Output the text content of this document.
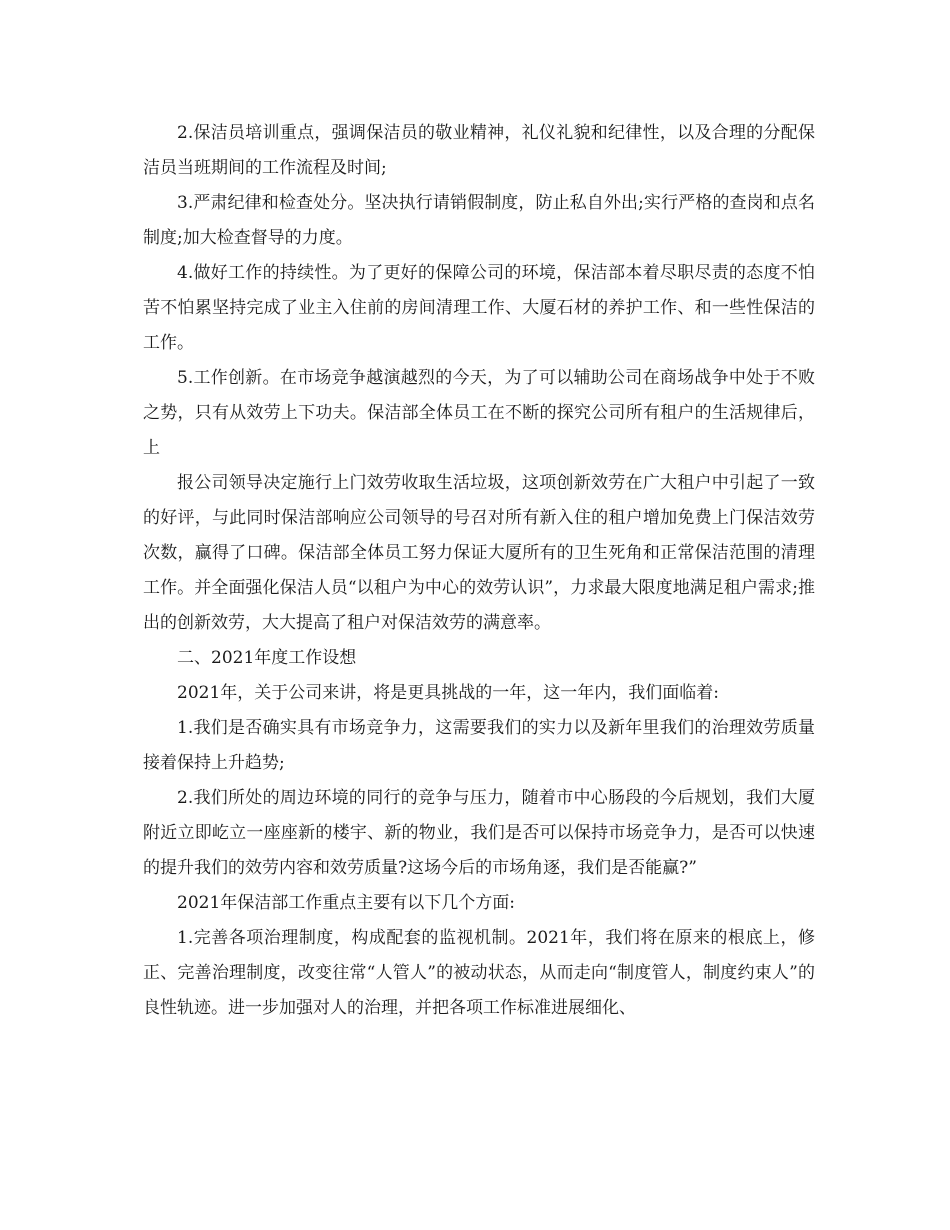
2.保洁员培训重点，强调保洁员的敬业精神，礼仪礼貌和纪律性，以及合理的分配保洁员当班期间的工作流程及时间;

3.严肃纪律和检查处分。坚决执行请销假制度，防止私自外出;实行严格的查岗和点名制度;加大检查督导的力度。

4.做好工作的持续性。为了更好的保障公司的环境，保洁部本着尽职尽责的态度不怕苦不怕累坚持完成了业主入住前的房间清理工作、大厦石材的养护工作、和一些性保洁的工作。

5.工作创新。在市场竞争越演越烈的今天，为了可以辅助公司在商场战争中处于不败之势，只有从效劳上下功夫。保洁部全体员工在不断的探究公司所有租户的生活规律后，上

报公司领导决定施行上门效劳收取生活垃圾，这项创新效劳在广大租户中引起了一致的好评，与此同时保洁部响应公司领导的号召对所有新入住的租户增加免费上门保洁效劳次数，赢得了口碑。保洁部全体员工努力保证大厦所有的卫生死角和正常保洁范围的清理工作。并全面强化保洁人员“以租户为中心的效劳认识”，力求最大限度地满足租户需求;推出的创新效劳，大大提高了租户对保洁效劳的满意率。

二、2021年度工作设想

2021年，关于公司来讲，将是更具挑战的一年，这一年内，我们面临着:

1.我们是否确实具有市场竞争力，这需要我们的实力以及新年里我们的治理效劳质量接着保持上升趋势;

2.我们所处的周边环境的同行的竞争与压力，随着市中心肠段的今后规划，我们大厦附近立即屹立一座座新的楼宇、新的物业，我们是否可以保持市场竞争力，是否可以快速的提升我们的效劳内容和效劳质量?这场今后的市场角逐，我们是否能赢?”

2021年保洁部工作重点主要有以下几个方面:

1.完善各项治理制度，构成配套的监视机制。2021年，我们将在原来的根底上，修正、完善治理制度，改变往常“人管人”的被动状态，从而走向“制度管人，制度约束人”的良性轨迹。进一步加强对人的治理，并把各项工作标准进展细化、
